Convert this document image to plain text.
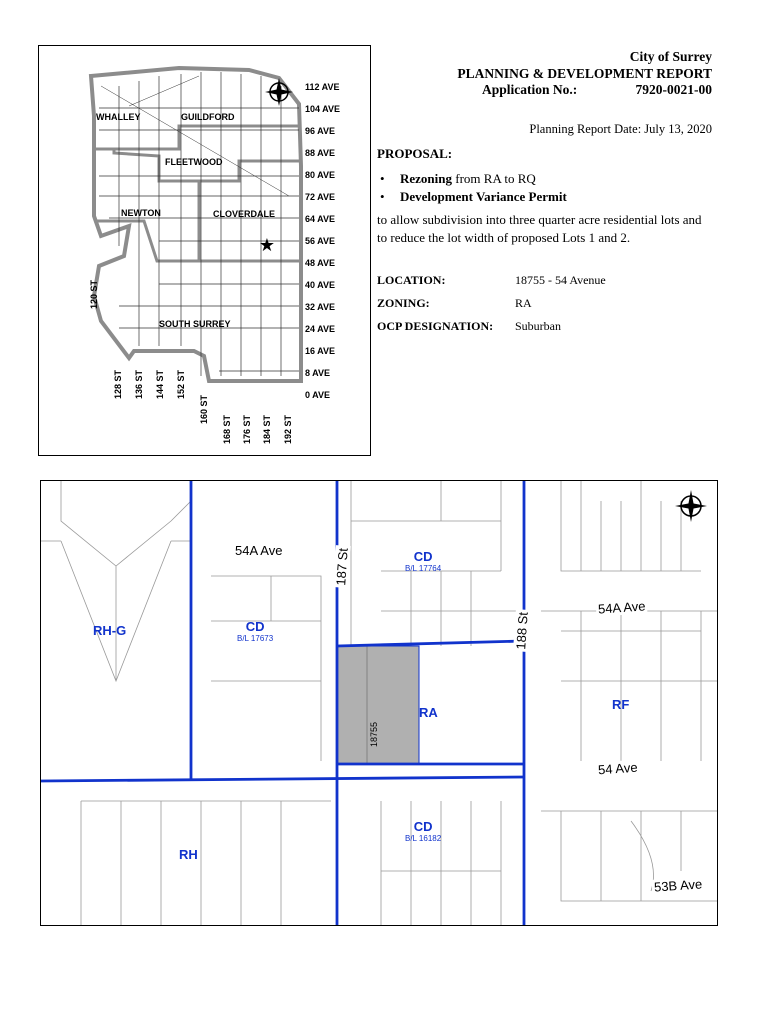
★
WHALLEY	GUILDFORD
FLEETWOOD
NEWTON	CLOVERDALE
SOUTH SURREY
112 AVE
104 AVE
96 AVE
88 AVE
80 AVE
72 AVE
64 AVE
56 AVE
48 AVE
40 AVE
32 AVE
24 AVE
16 AVE
8 AVE
0 AVE
120 ST
128 ST 136 ST 144 ST 152 ST
160 ST
168 ST 176 ST 184 ST 192 ST
City of Surrey
PLANNING & DEVELOPMENT REPORT
Application No.:	7920-0021-00
Planning Report Date: July 13, 2020
PROPOSAL:
• Rezoning from RA to RQ
• Development Variance Permit
to allow subdivision into three quarter acre residential lots and to reduce the lot width of proposed Lots 1 and 2.
LOCATION:	18755 - 54 Avenue
ZONING:	RA
OCP DESIGNATION: Suburban
RH-G	CD
B/L 17673
CD
B/L 17764
RA
RF
RH
CD
B/L 16182
54A Ave	187 St
188 St
54A Ave
54 Ave
53B Ave
18755
